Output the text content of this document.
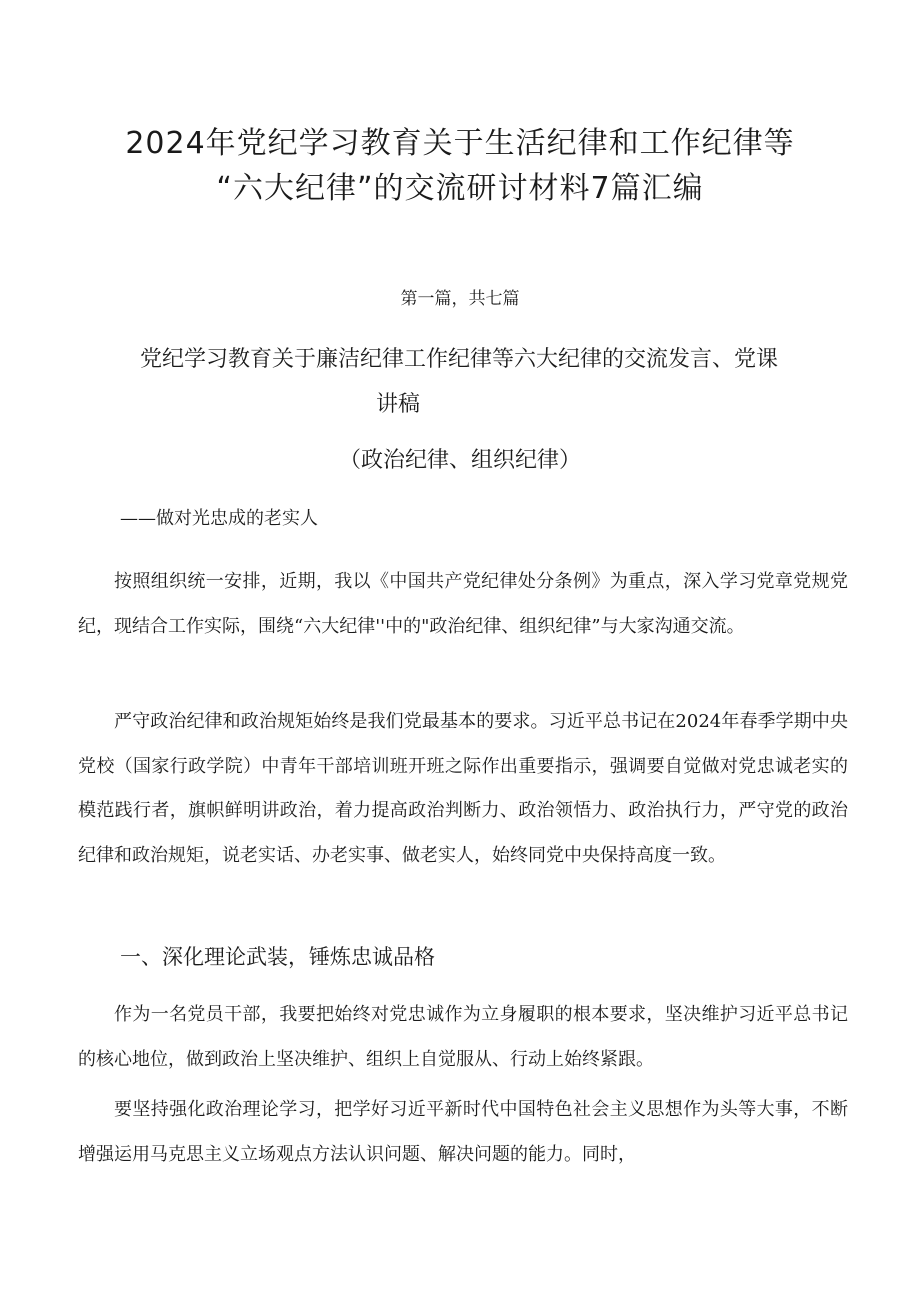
2024年党纪学习教育关于生活纪律和工作纪律等
“六大纪律”的交流研讨材料7篇汇编
第一篇，共七篇
党纪学习教育关于廉洁纪律工作纪律等六大纪律的交流发言、党课
讲稿
（政治纪律、组织纪律）
——做对光忠成的老实人

按照组织统一安排，近期，我以《中国共产党纪律处分条例》为重点，深入学习党章党规党纪，现结合工作实际，围绕“六大纪律''中的"政治纪律、组织纪律”与大家沟通交流。

严守政治纪律和政治规矩始终是我们党最基本的要求。习近平总书记在2024年春季学期中央党校（国家行政学院）中青年干部培训班开班之际作出重要指示，强调要自觉做对党忠诚老实的模范践行者，旗帜鲜明讲政治，着力提高政治判断力、政治领悟力、政治执行力，严守党的政治纪律和政治规矩，说老实话、办老实事、做老实人，始终同党中央保持高度一致。

一、深化理论武装，锤炼忠诚品格

作为一名党员干部，我要把始终对党忠诚作为立身履职的根本要求，坚决维护习近平总书记的核心地位，做到政治上坚决维护、组织上自觉服从、行动上始终紧跟。

要坚持强化政治理论学习，把学好习近平新时代中国特色社会主义思想作为头等大事，不断增强运用马克思主义立场观点方法认识问题、解决问题的能力。同时，
